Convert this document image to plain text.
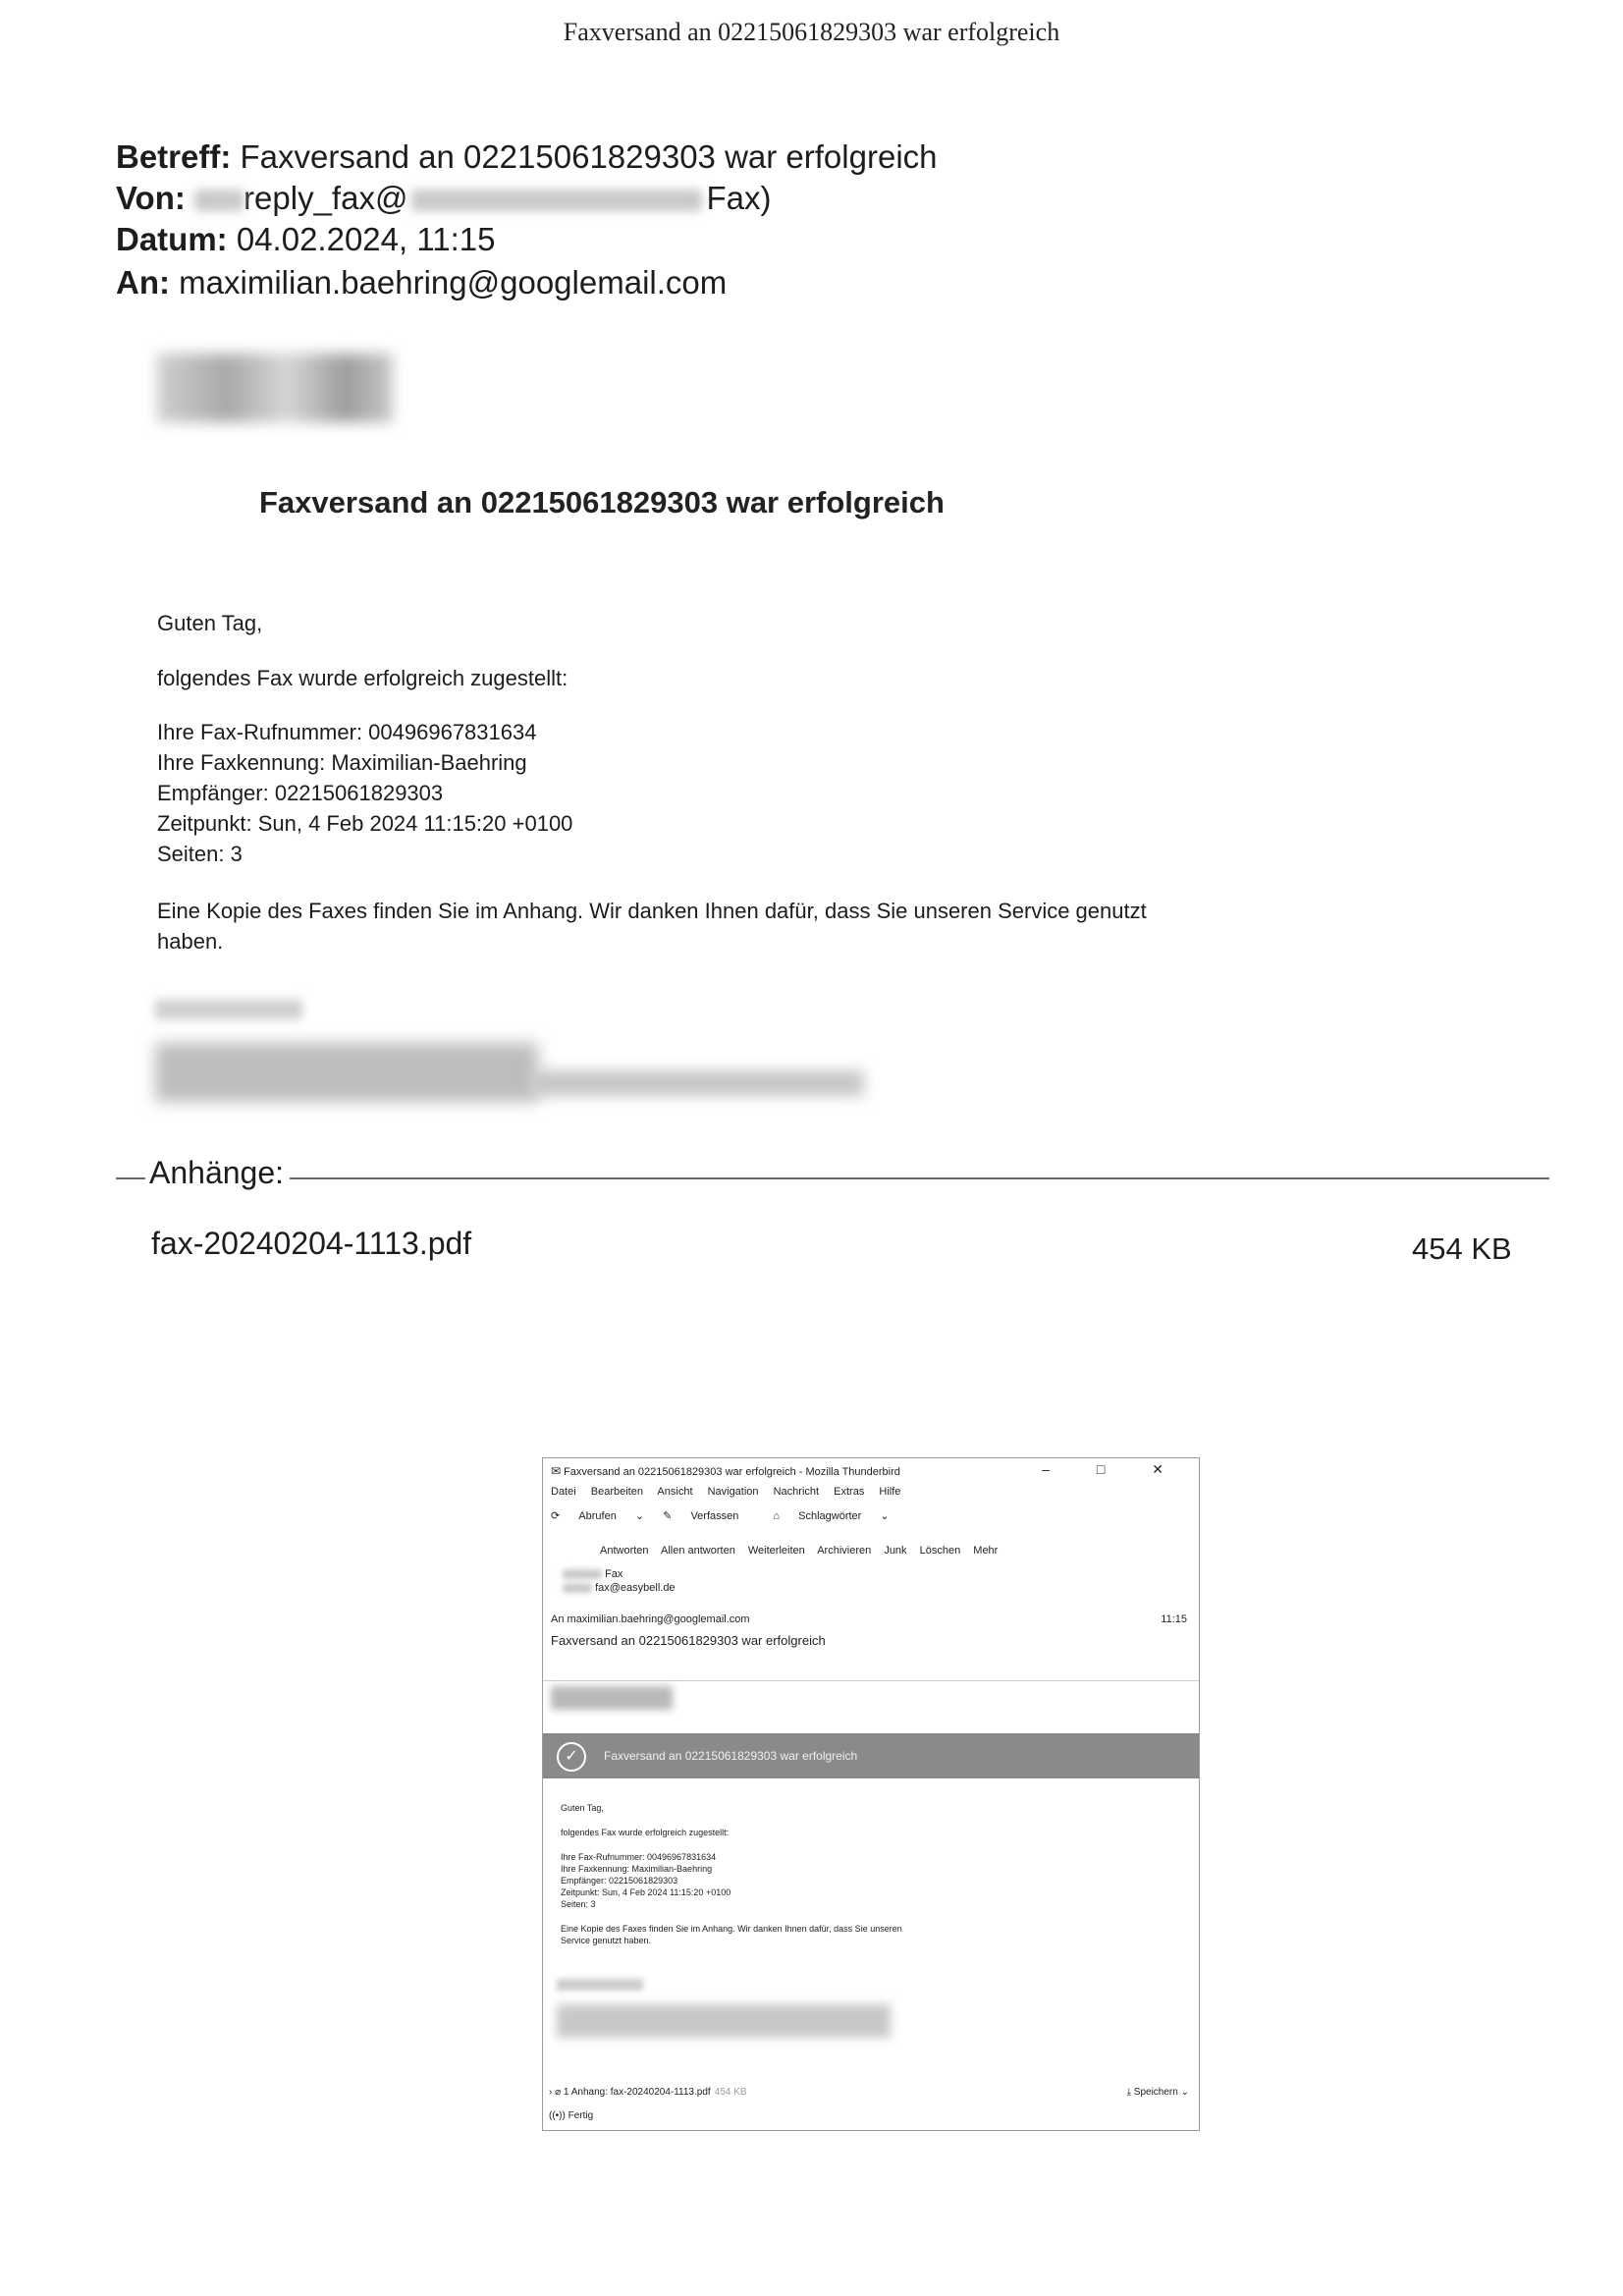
Faxversand an 02215061829303 war erfolgreich
Betreff: Faxversand an 02215061829303 war erfolgreich
Von: reply_fax@	Fax)
Datum: 04.02.2024, 11:15
An: maximilian.baehring@googlemail.com
Faxversand an 02215061829303 war erfolgreich
Guten Tag,
folgendes Fax wurde erfolgreich zugestellt:
Ihre Fax-Rufnummer: 00496967831634
Ihre Faxkennung: Maximilian-Baehring
Empfänger: 02215061829303
Zeitpunkt: Sun, 4 Feb 2024 11:15:20 +0100
Seiten: 3
Eine Kopie des Faxes finden Sie im Anhang. Wir danken Ihnen dafür, dass Sie unseren Service genutzt haben.
Anhänge:
fax-20240204-1113.pdf	454 KB
✉ Faxversand an 02215061829303 war erfolgreich - Mozilla Thunderbird	– □ ✕
Datei Bearbeiten Ansicht Navigation Nachricht Extras Hilfe
⟳ Abrufen ⌄ ✎ Verfassen	⌂ Schlagwörter ⌄
Antworten Allen antworten Weiterleiten Archivieren Junk Löschen Mehr
Fax
fax@easybell.de
An maximilian.baehring@googlemail.com	11:15
Faxversand an 02215061829303 war erfolgreich
✓	Faxversand an 02215061829303 war erfolgreich
Guten Tag,
folgendes Fax wurde erfolgreich zugestellt:
Ihre Fax-Rufnummer: 00496967831634
Ihre Faxkennung: Maximilian-Baehring
Empfänger: 02215061829303
Zeitpunkt: Sun, 4 Feb 2024 11:15:20 +0100
Seiten: 3
Eine Kopie des Faxes finden Sie im Anhang. Wir danken Ihnen dafür, dass Sie unseren
Service genutzt haben.
› ⌀ 1 Anhang: fax-20240204-1113.pdf 454 KB	⤓ Speichern ⌄
((•)) Fertig
